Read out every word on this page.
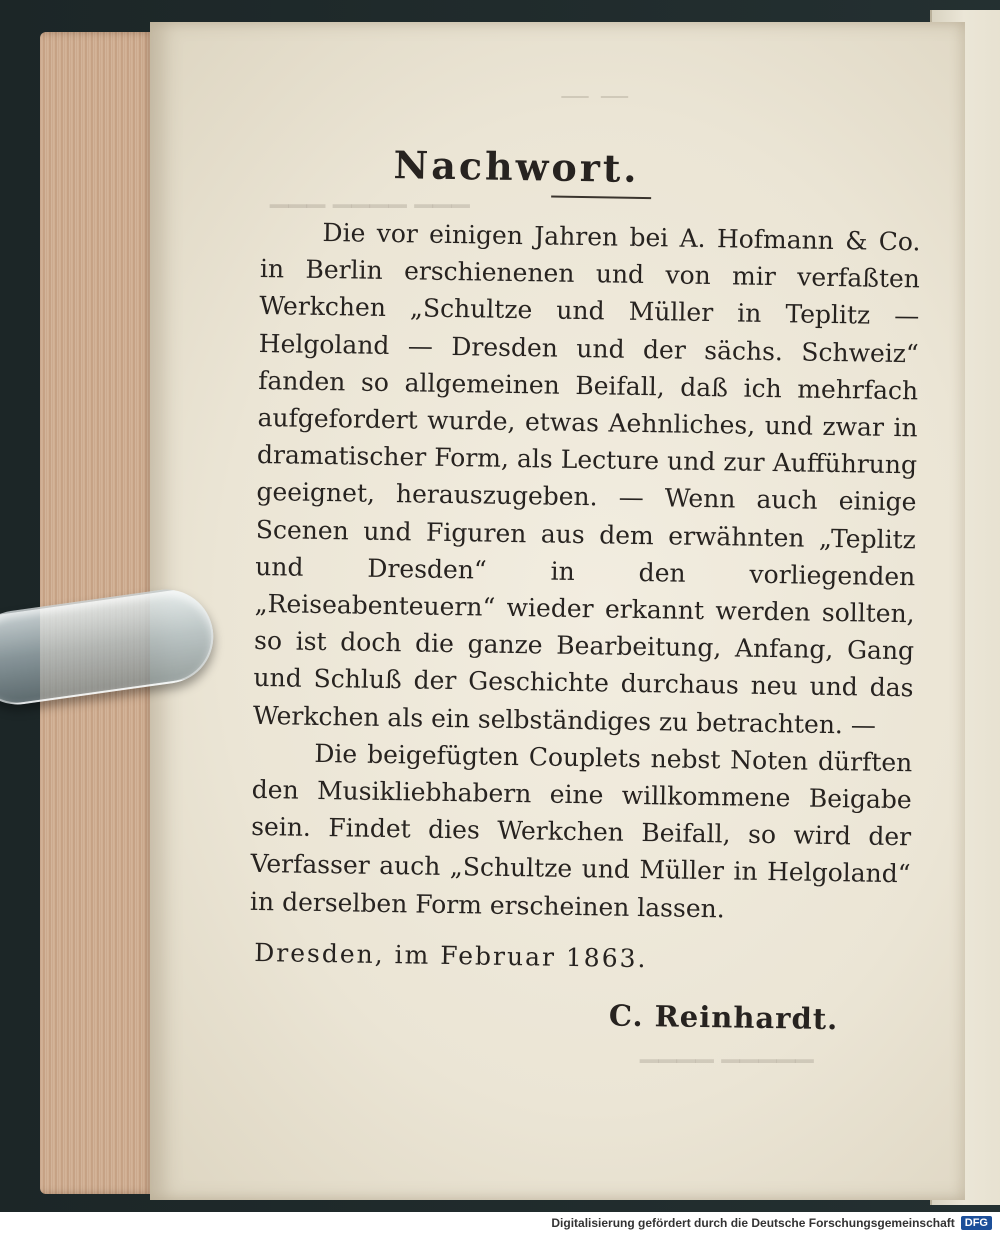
— —
▁▁▁ ▁▁▁▁ ▁▁▁
▁▁▁▁ ▁▁▁▁▁
Nachwort.

Die vor einigen Jahren bei A. Hofmann & Co. in Berlin erschienenen und von mir verfaßten Werkchen „Schultze und Müller in Teplitz — Helgoland — Dresden und der sächs. Schweiz“ fanden so allgemeinen Beifall, daß ich mehrfach aufgefordert wurde, etwas Aehnliches, und zwar in dramatischer Form, als Lecture und zur Aufführung geeignet, herauszugeben. — Wenn auch einige Scenen und Figuren aus dem erwähnten „Teplitz und Dresden“ in den vorliegenden „Reiseabenteuern“ wieder erkannt werden sollten, so ist doch die ganze Bearbeitung, Anfang, Gang und Schluß der Geschichte durchaus neu und das Werkchen als ein selbständiges zu betrachten. —

Die beigefügten Couplets nebst Noten dürften den Musikliebhabern eine willkommene Beigabe sein. Findet dies Werkchen Beifall, so wird der Verfasser auch „Schultze und Müller in Helgoland“ in derselben Form erscheinen lassen.

Dresden, im Februar 1863.
C. Reinhardt.
Digitalisierung gefördert durch die Deutsche Forschungsgemeinschaft DFG
